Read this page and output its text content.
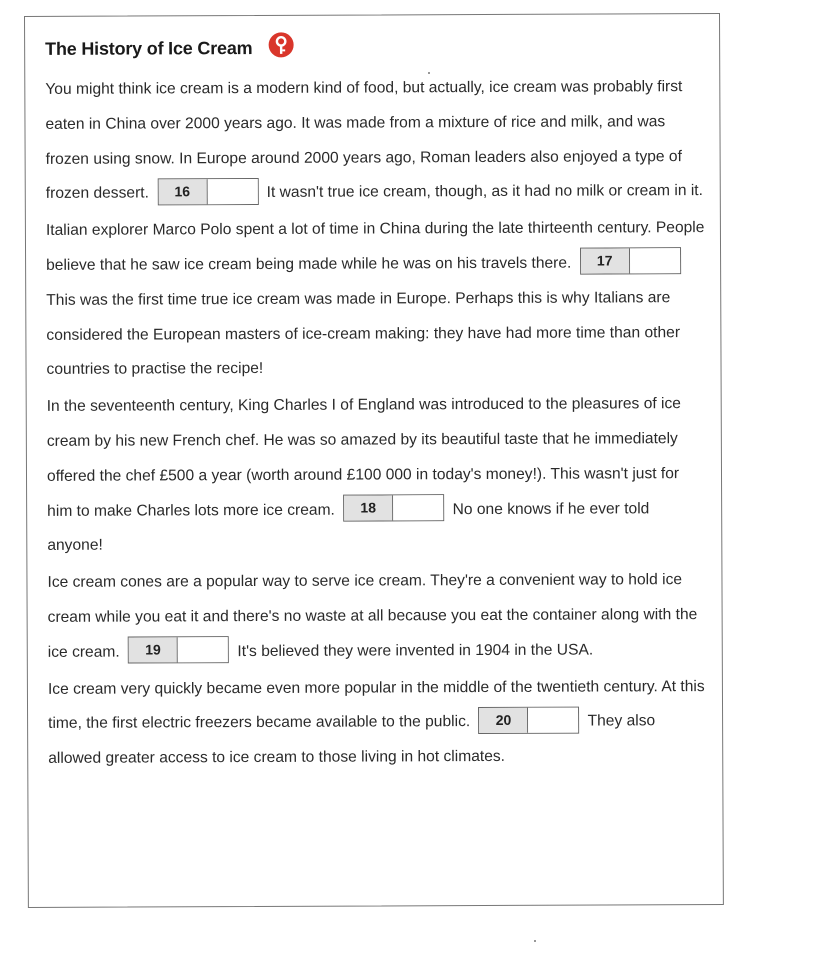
The History of Ice Cream

You might think ice cream is a modern kind of food, but actually, ice cream was probably first eaten in China over 2000 years ago. It was made from a mixture of rice and milk, and was frozen using snow. In Europe around 2000 years ago, Roman leaders also enjoyed a type of frozen dessert.	16	It wasn't true ice cream, though, as it had no milk or cream in it.

Italian explorer Marco Polo spent a lot of time in China during the late thirteenth century. People believe that he saw ice cream being made while he was on his travels there.	17
This was the first time true ice cream was made in Europe. Perhaps this is why Italians are considered the European masters of ice-cream making: they have had more time than other countries to practise the recipe!

In the seventeenth century, King Charles I of England was introduced to the pleasures of ice cream by his new French chef. He was so amazed by its beautiful taste that he immediately offered the chef £500 a year (worth around £100 000 in today's money!). This wasn't just for him to make Charles lots more ice cream.	18	No one knows if he ever told anyone!

Ice cream cones are a popular way to serve ice cream. They're a convenient way to hold ice cream while you eat it and there's no waste at all because you eat the container along with the ice cream.	19	It's believed they were invented in 1904 in the USA.

Ice cream very quickly became even more popular in the middle of the twentieth century. At this time, the first electric freezers became available to the public.	20	They also allowed greater access to ice cream to those living in hot climates.
